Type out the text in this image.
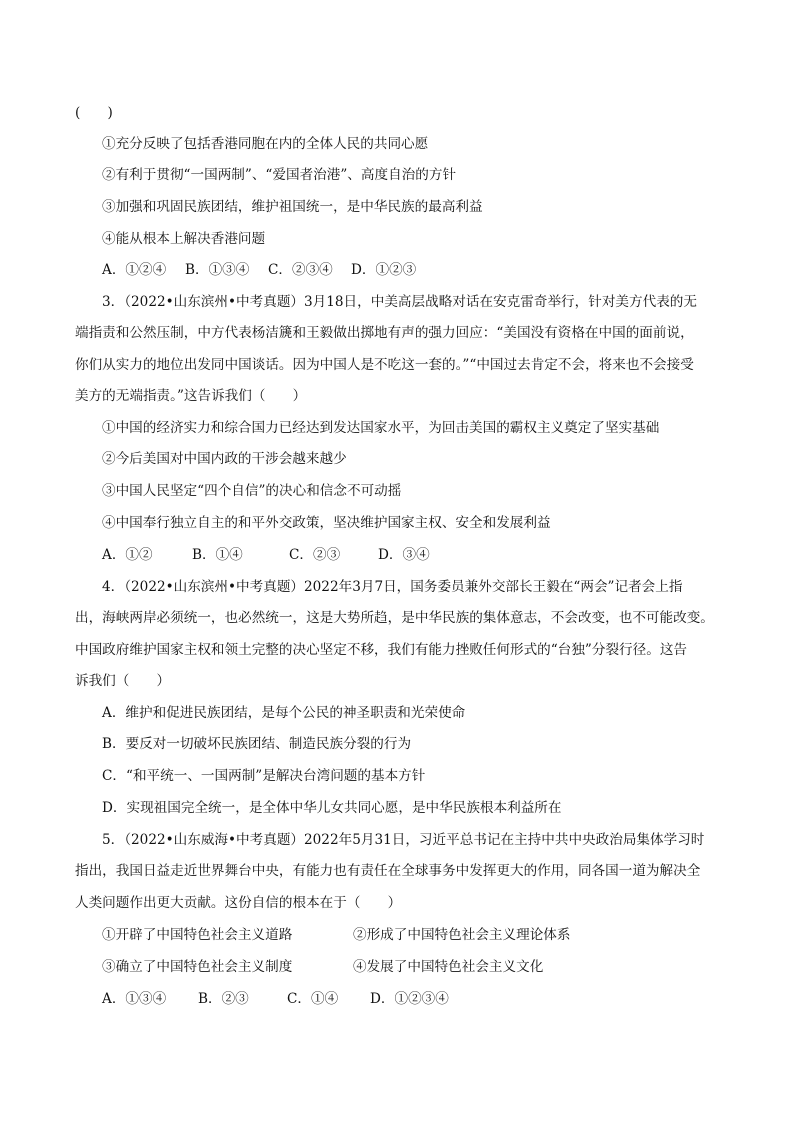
(　　)
①充分反映了包括香港同胞在内的全体人民的共同心愿
②有利于贯彻“一国两制”、“爱国者治港”、高度自治的方针
③加强和巩固民族团结，维护祖国统一，是中华民族的最高利益
④能从根本上解决香港问题
A．①②④ B．①③④ C．②③④ D．①②③
3．（2022•山东滨州•中考真题）3月18日，中美高层战略对话在安克雷奇举行，针对美方代表的无
端指责和公然压制，中方代表杨洁篪和王毅做出掷地有声的强力回应：“美国没有资格在中国的面前说，
你们从实力的地位出发同中国谈话。因为中国人是不吃这一套的。”“中国过去肯定不会，将来也不会接受
美方的无端指责。”这告诉我们（　　）
①中国的经济实力和综合国力已经达到发达国家水平，为回击美国的霸权主义奠定了坚实基础
②今后美国对中国内政的干涉会越来越少
③中国人民坚定“四个自信”的决心和信念不可动摇
④中国奉行独立自主的和平外交政策，坚决维护国家主权、安全和发展利益
A．①②	B．①④	C．②③	D．③④
4．（2022•山东滨州•中考真题）2022年3月7日，国务委员兼外交部长王毅在“两会”记者会上指
出，海峡两岸必须统一，也必然统一，这是大势所趋，是中华民族的集体意志，不会改变，也不可能改变。
中国政府维护国家主权和领土完整的决心坚定不移，我们有能力挫败任何形式的“台独”分裂行径。这告
诉我们（　　）
A．维护和促进民族团结，是每个公民的神圣职责和光荣使命
B．要反对一切破坏民族团结、制造民族分裂的行为
C．“和平统一、一国两制”是解决台湾问题的基本方针
D．实现祖国完全统一，是全体中华儿女共同心愿，是中华民族根本利益所在
5．（2022•山东威海•中考真题）2022年5月31日，习近平总书记在主持中共中央政治局集体学习时
指出，我国日益走近世界舞台中央，有能力也有责任在全球事务中发挥更大的作用，同各国一道为解决全
人类问题作出更大贡献。这份自信的根本在于（　　）
①开辟了中国特色社会主义道路	②形成了中国特色社会主义理论体系
③确立了中国特色社会主义制度	④发展了中国特色社会主义文化
A．①③④ B．②③	C．①④ D．①②③④
